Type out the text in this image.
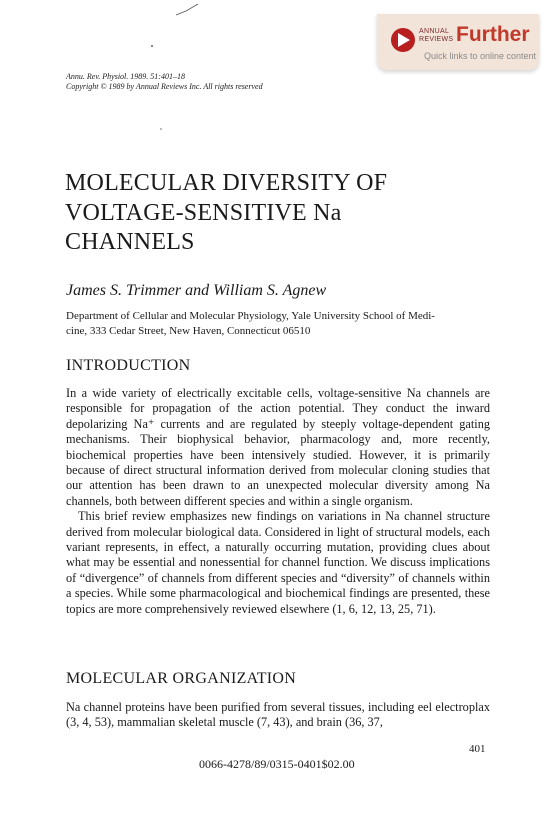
ANNUAL
REVIEWS Further
Quick links to online content
Annu. Rev. Physiol. 1989. 51:401–18
Copyright © 1989 by Annual Reviews Inc. All rights reserved
MOLECULAR DIVERSITY OF
VOLTAGE-SENSITIVE Na
CHANNELS
James S. Trimmer and William S. Agnew
Department of Cellular and Molecular Physiology, Yale University School of Medi-
cine, 333 Cedar Street, New Haven, Connecticut 06510
INTRODUCTION

In a wide variety of electrically excitable cells, voltage-sensitive Na channels are responsible for propagation of the action potential. They conduct the inward depolarizing Na⁺ currents and are regulated by steeply voltage-dependent gating mechanisms. Their biophysical behavior, pharmacology and, more recently, biochemical properties have been intensively studied. However, it is primarily because of direct structural information derived from molecular cloning studies that our attention has been drawn to an unexpected molecular diversity among Na channels, both between different species and within a single organism.

This brief review emphasizes new findings on variations in Na channel structure derived from molecular biological data. Considered in light of structural models, each variant represents, in effect, a naturally occurring mutation, providing clues about what may be essential and nonessential for channel function. We discuss implications of “divergence” of channels from different species and “diversity” of channels within a species. While some pharmacological and biochemical findings are presented, these topics are more comprehensively reviewed elsewhere (1, 6, 12, 13, 25, 71).

MOLECULAR ORGANIZATION

Na channel proteins have been purified from several tissues, including eel electroplax (3, 4, 53), mammalian skeletal muscle (7, 43), and brain (36, 37,

401
0066-4278/89/0315-0401$02.00
